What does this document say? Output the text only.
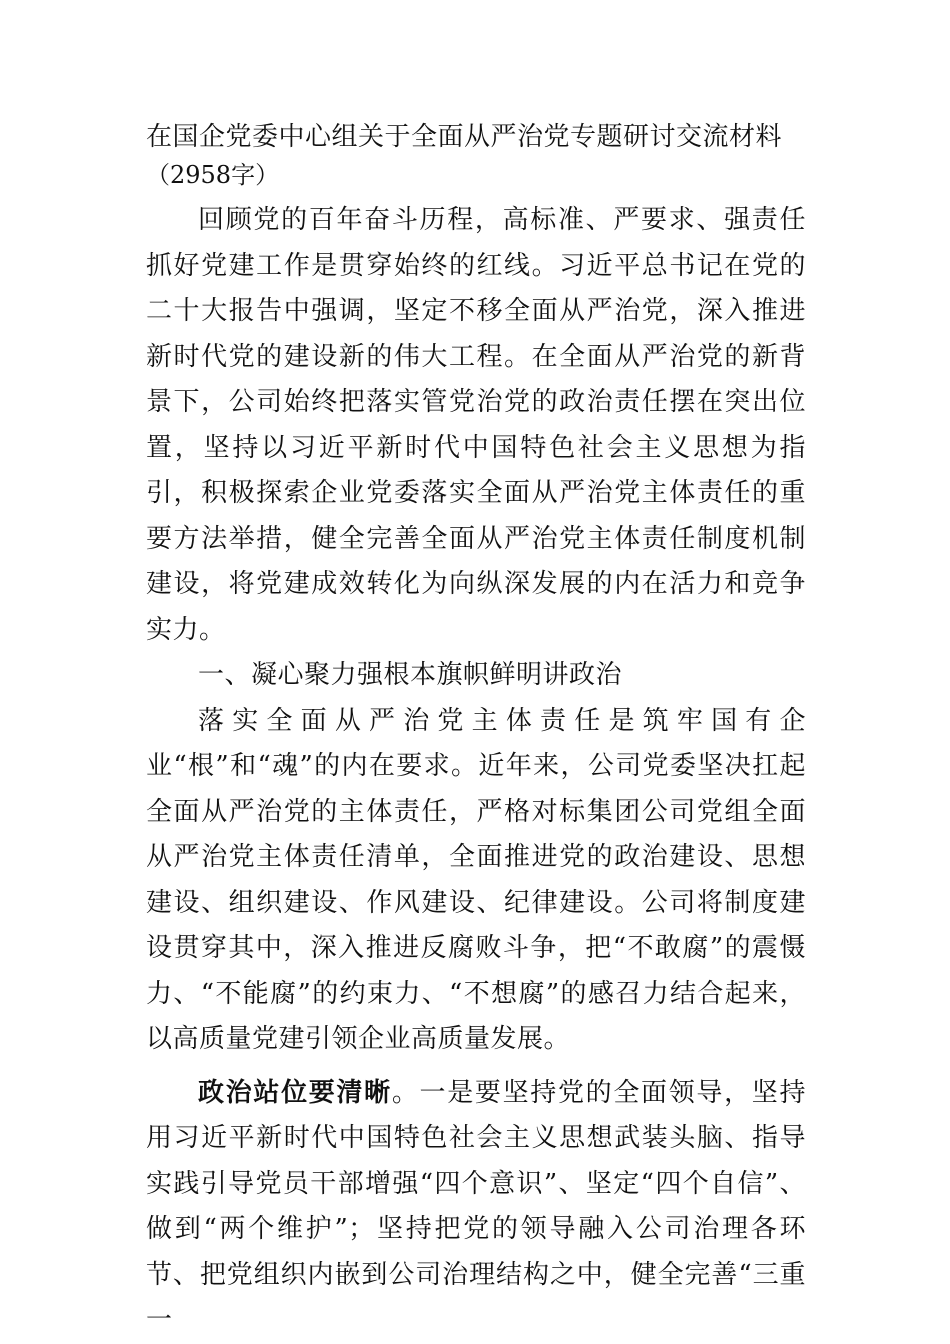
在国企党委中心组关于全面从严治党专题研讨交流材料

（2958字）

回顾党的百年奋斗历程，高标准、严要求、强责任抓好党建工作是贯穿始终的红线。习近平总书记在党的二十大报告中强调，坚定不移全面从严治党，深入推进新时代党的建设新的伟大工程。在全面从严治党的新背景下，公司始终把落实管党治党的政治责任摆在突出位置，坚持以习近平新时代中国特色社会主义思想为指引，积极探索企业党委落实全面从严治党主体责任的重要方法举措，健全完善全面从严治党主体责任制度机制建设，将党建成效转化为向纵深发展的内在活力和竞争实力。

一、凝心聚力强根本旗帜鲜明讲政治

落实全面从严治党主体责任是筑牢国有企业“根”和“魂”的内在要求。近年来，公司党委坚决扛起全面从严治党的主体责任，严格对标集团公司党组全面从严治党主体责任清单，全面推进党的政治建设、思想建设、组织建设、作风建设、纪律建设。公司将制度建设贯穿其中，深入推进反腐败斗争，把“不敢腐”的震慑力、“不能腐”的约束力、“不想腐”的感召力结合起来，以高质量党建引领企业高质量发展。

政治站位要清晰。一是要坚持党的全面领导，坚持用习近平新时代中国特色社会主义思想武装头脑、指导实践引导党员干部增强“四个意识”、坚定“四个自信”、做到“两个维护”；坚持把党的领导融入公司治理各环节、把党组织内嵌到公司治理结构之中，健全完善“三重一
